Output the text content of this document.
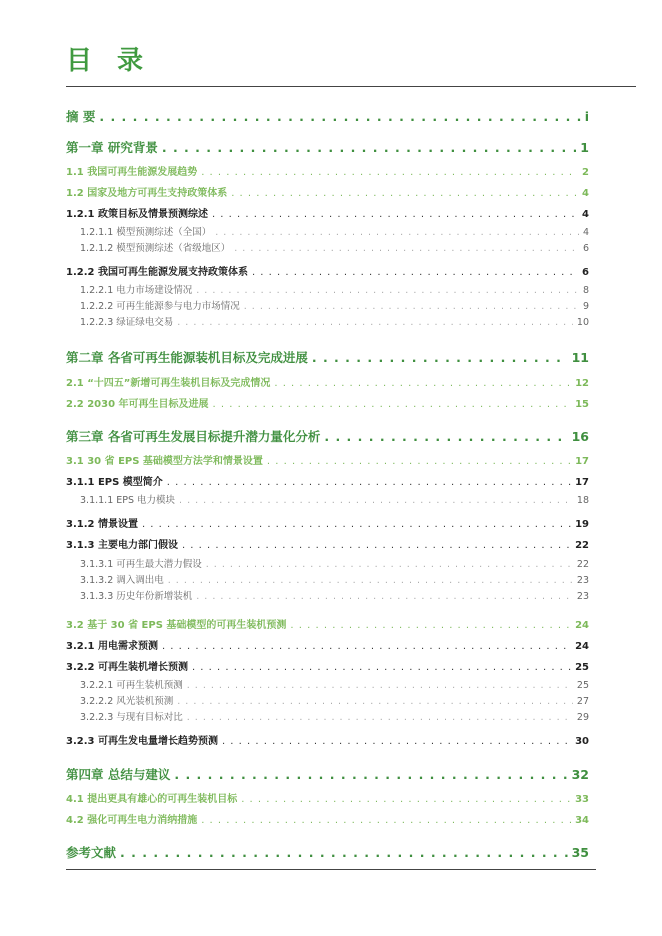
目 录
摘 要 . . .	i
第一章 研究背景 . . .	1
1.1 我国可再生能源发展趋势 . . .	2
1.2 国家及地方可再生支持政策体系 . . .	4
1.2.1 政策目标及情景预测综述 . . .	4
1.2.1.1 模型预测综述（全国） . . .	4
1.2.1.2 模型预测综述（省级地区） . . .	6
1.2.2 我国可再生能源发展支持政策体系 . . .	6
1.2.2.1 电力市场建设情况 . . .	8
1.2.2.2 可再生能源参与电力市场情况 . . .	9
1.2.2.3 绿证绿电交易 . . .	10
第二章 各省可再生能源装机目标及完成进展 . . .	11
2.1 “十四五”新增可再生装机目标及完成情况 . . .	12
2.2 2030 年可再生目标及进展 . . .	15
第三章 各省可再生发展目标提升潜力量化分析 . . .	16
3.1 30 省 EPS 基础模型方法学和情景设置 . . .	17
3.1.1 EPS 模型简介 . . .	17
3.1.1.1 EPS 电力模块 . . .	18
3.1.2 情景设置 . . .	19
3.1.3 主要电力部门假设 . . .	22
3.1.3.1 可再生最大潜力假设 . . .	22
3.1.3.2 调入调出电 . . .	23
3.1.3.3 历史年份新增装机 . . .	23
3.2 基于 30 省 EPS 基础模型的可再生装机预测 . . .	24
3.2.1 用电需求预测 . . .	24
3.2.2 可再生装机增长预测 . . .	25
3.2.2.1 可再生装机预测 . . .	25
3.2.2.2 风光装机预测 . . .	27
3.2.2.3 与现有目标对比 . . .	29
3.2.3 可再生发电量增长趋势预测 . . .	30
第四章 总结与建议 . . .	32
4.1 提出更具有雄心的可再生装机目标 . . .	33
4.2 强化可再生电力消纳措施 . . .	34
参考文献 . . .	35
